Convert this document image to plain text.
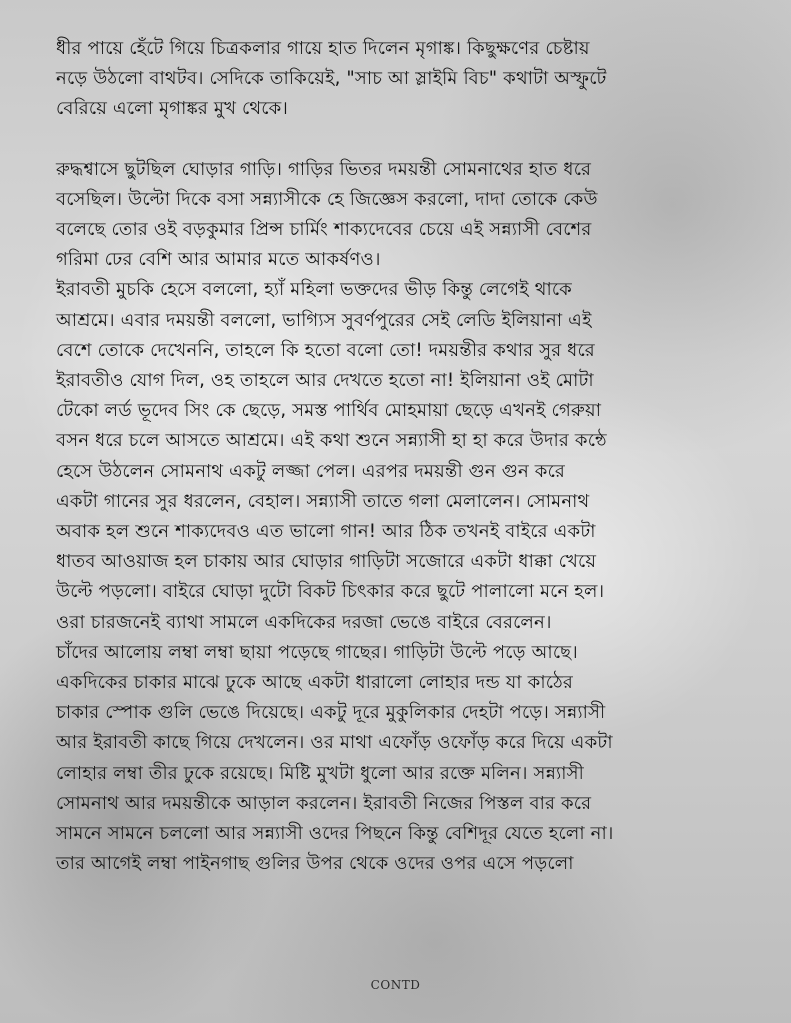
ধীর পায়ে হেঁটে গিয়ে চিত্রকলার গায়ে হাত দিলেন মৃগাঙ্ক। কিছুক্ষণের চেষ্টায়
নড়ে উঠলো বাথটব। সেদিকে তাকিয়েই, "সাচ আ স্লাইমি বিচ" কথাটা অস্ফুটে
বেরিয়ে এলো মৃগাঙ্কর মুখ থেকে।

রুদ্ধশ্বাসে ছুটছিল ঘোড়ার গাড়ি। গাড়ির ভিতর দময়ন্তী সোমনাথের হাত ধরে
বসেছিল। উল্টো দিকে বসা সন্ন্যাসীকে হে জিজ্ঞেস করলো, দাদা তোকে কেউ
বলেছে তোর ওই বড়কুমার প্রিন্স চার্মিং শাক্যদেবের চেয়ে এই সন্ন্যাসী বেশের
গরিমা ঢের বেশি আর আমার মতে আকর্ষণও।

ইরাবতী মুচকি হেসে বললো, হ্যাঁ মহিলা ভক্তদের ভীড় কিন্তু লেগেই থাকে
আশ্রমে। এবার দময়ন্তী বললো, ভাগ্যিস সুবর্ণপুরের সেই লেডি ইলিয়ানা এই
বেশে তোকে দেখেননি, তাহলে কি হতো বলো তো! দময়ন্তীর কথার সুর ধরে
ইরাবতীও যোগ দিল, ওহ তাহলে আর দেখতে হতো না! ইলিয়ানা ওই মোটা
টেকো লর্ড ভূদেব সিং কে ছেড়ে, সমস্ত পার্থিব মোহমায়া ছেড়ে এখনই গেরুয়া
বসন ধরে চলে আসতে আশ্রমে। এই কথা শুনে সন্ন্যাসী হা হা করে উদার কন্ঠে
হেসে উঠলেন সোমনাথ একটু লজ্জা পেল। এরপর দময়ন্তী গুন গুন করে
একটা গানের সুর ধরলেন, বেহাল। সন্ন্যাসী তাতে গলা মেলালেন। সোমনাথ
অবাক হল শুনে শাক্যদেবও এত ভালো গান! আর ঠিক তখনই বাইরে একটা
ধাতব আওয়াজ হল চাকায় আর ঘোড়ার গাড়িটা সজোরে একটা ধাক্কা খেয়ে
উল্টে পড়লো। বাইরে ঘোড়া দুটো বিকট চিৎকার করে ছুটে পালালো মনে হল।
ওরা চারজনেই ব্যাথা সামলে একদিকের দরজা ভেঙে বাইরে বেরলেন।
চাঁদের আলোয় লম্বা লম্বা ছায়া পড়েছে গাছের। গাড়িটা উল্টে পড়ে আছে।
একদিকের চাকার মাঝে ঢুকে আছে একটা ধারালো লোহার দন্ড যা কাঠের
চাকার স্পোক গুলি ভেঙে দিয়েছে। একটু দূরে মুকুলিকার দেহটা পড়ে। সন্ন্যাসী
আর ইরাবতী কাছে গিয়ে দেখলেন। ওর মাথা এফোঁড় ওফোঁড় করে দিয়ে একটা
লোহার লম্বা তীর ঢুকে রয়েছে। মিষ্টি মুখটা ধুলো আর রক্তে মলিন। সন্ন্যাসী
সোমনাথ আর দময়ন্তীকে আড়াল করলেন। ইরাবতী নিজের পিস্তল বার করে
সামনে সামনে চললো আর সন্ন্যাসী ওদের পিছনে কিন্তু বেশিদূর যেতে হলো না।
তার আগেই লম্বা পাইনগাছ গুলির উপর থেকে ওদের ওপর এসে পড়লো

CONTD
